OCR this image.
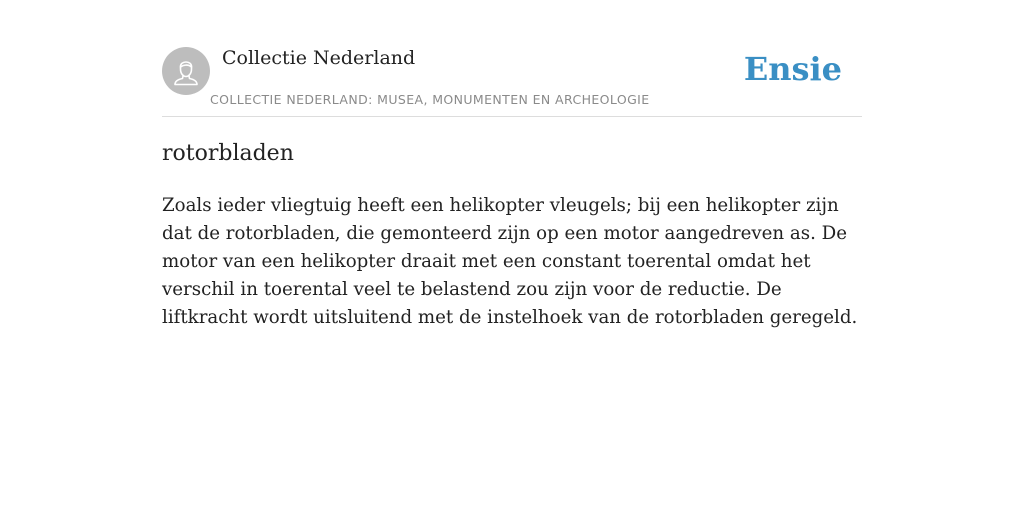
Collectie Nederland
COLLECTIE NEDERLAND: MUSEA, MONUMENTEN EN ARCHEOLOGIE
Ensie
rotorbladen

Zoals ieder vliegtuig heeft een helikopter vleugels; bij een helikopter zijn dat de rotorbladen, die gemonteerd zijn op een motor aangedreven as. De motor van een helikopter draait met een constant toerental omdat het verschil in toerental veel te belastend zou zijn voor de reductie. De liftkracht wordt uitsluitend met de instelhoek van de rotorbladen geregeld.
